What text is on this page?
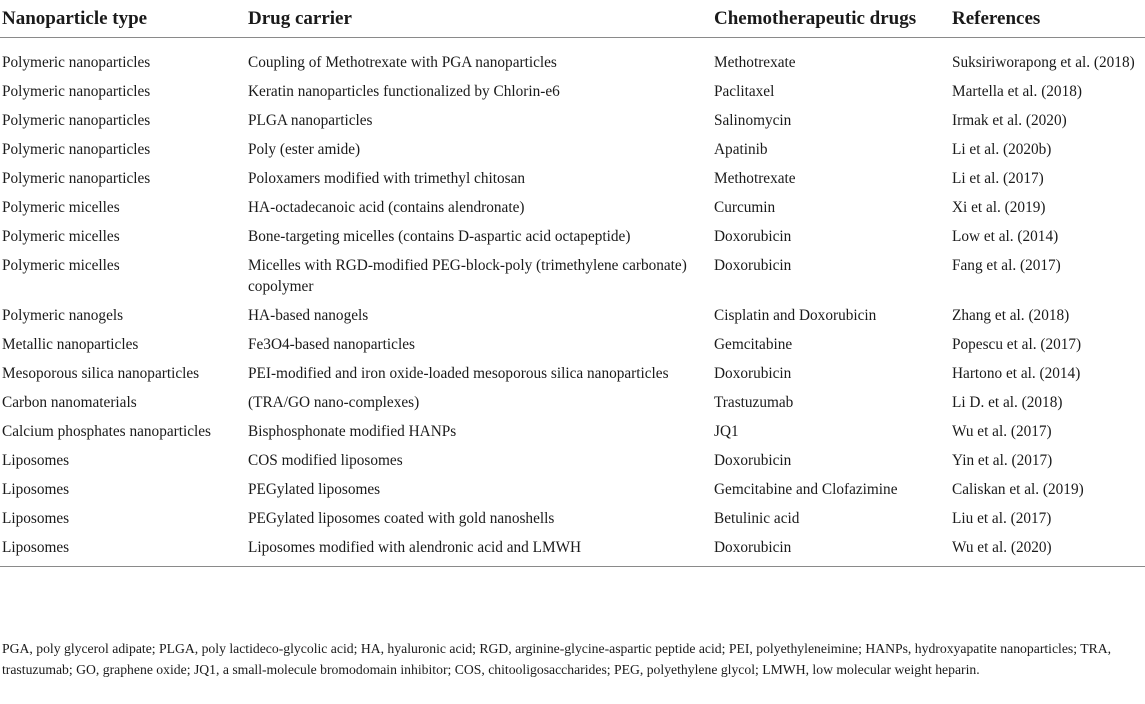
Nanoparticle type	Drug carrier	Chemotherapeutic drugs	References
Polymeric nanoparticles	Coupling of Methotrexate with PGA nanoparticles	Methotrexate	Suksiriworapong et al. (2018)
Polymeric nanoparticles	Keratin nanoparticles functionalized by Chlorin-e6	Paclitaxel	Martella et al. (2018)
Polymeric nanoparticles	PLGA nanoparticles	Salinomycin	Irmak et al. (2020)
Polymeric nanoparticles	Poly (ester amide)	Apatinib	Li et al. (2020b)
Polymeric nanoparticles	Poloxamers modified with trimethyl chitosan	Methotrexate	Li et al. (2017)
Polymeric micelles	HA-octadecanoic acid (contains alendronate)	Curcumin	Xi et al. (2019)
Polymeric micelles	Bone-targeting micelles (contains D-aspartic acid octapeptide)	Doxorubicin	Low et al. (2014)
Polymeric micelles	Micelles with RGD-modified PEG-block-poly (trimethylene carbonate) copolymer	Doxorubicin	Fang et al. (2017)
Polymeric nanogels	HA-based nanogels	Cisplatin and Doxorubicin	Zhang et al. (2018)
Metallic nanoparticles	Fe3O4-based nanoparticles	Gemcitabine	Popescu et al. (2017)
Mesoporous silica nanoparticles	PEI-modified and iron oxide-loaded mesoporous silica nanoparticles	Doxorubicin	Hartono et al. (2014)
Carbon nanomaterials	(TRA/GO nano-complexes)	Trastuzumab	Li D. et al. (2018)
Calcium phosphates nanoparticles	Bisphosphonate modified HANPs	JQ1	Wu et al. (2017)
Liposomes	COS modified liposomes	Doxorubicin	Yin et al. (2017)
Liposomes	PEGylated liposomes	Gemcitabine and Clofazimine	Caliskan et al. (2019)
Liposomes	PEGylated liposomes coated with gold nanoshells	Betulinic acid	Liu et al. (2017)
Liposomes	Liposomes modified with alendronic acid and LMWH	Doxorubicin	Wu et al. (2020)
PGA, poly glycerol adipate; PLGA, poly lactideco-glycolic acid; HA, hyaluronic acid; RGD, arginine-glycine-aspartic peptide acid; PEI, polyethyleneimine; HANPs, hydroxyapatite nanoparticles; TRA, trastuzumab; GO, graphene oxide; JQ1, a small-molecule bromodomain inhibitor; COS, chitooligosaccharides; PEG, polyethylene glycol; LMWH, low molecular weight heparin.
